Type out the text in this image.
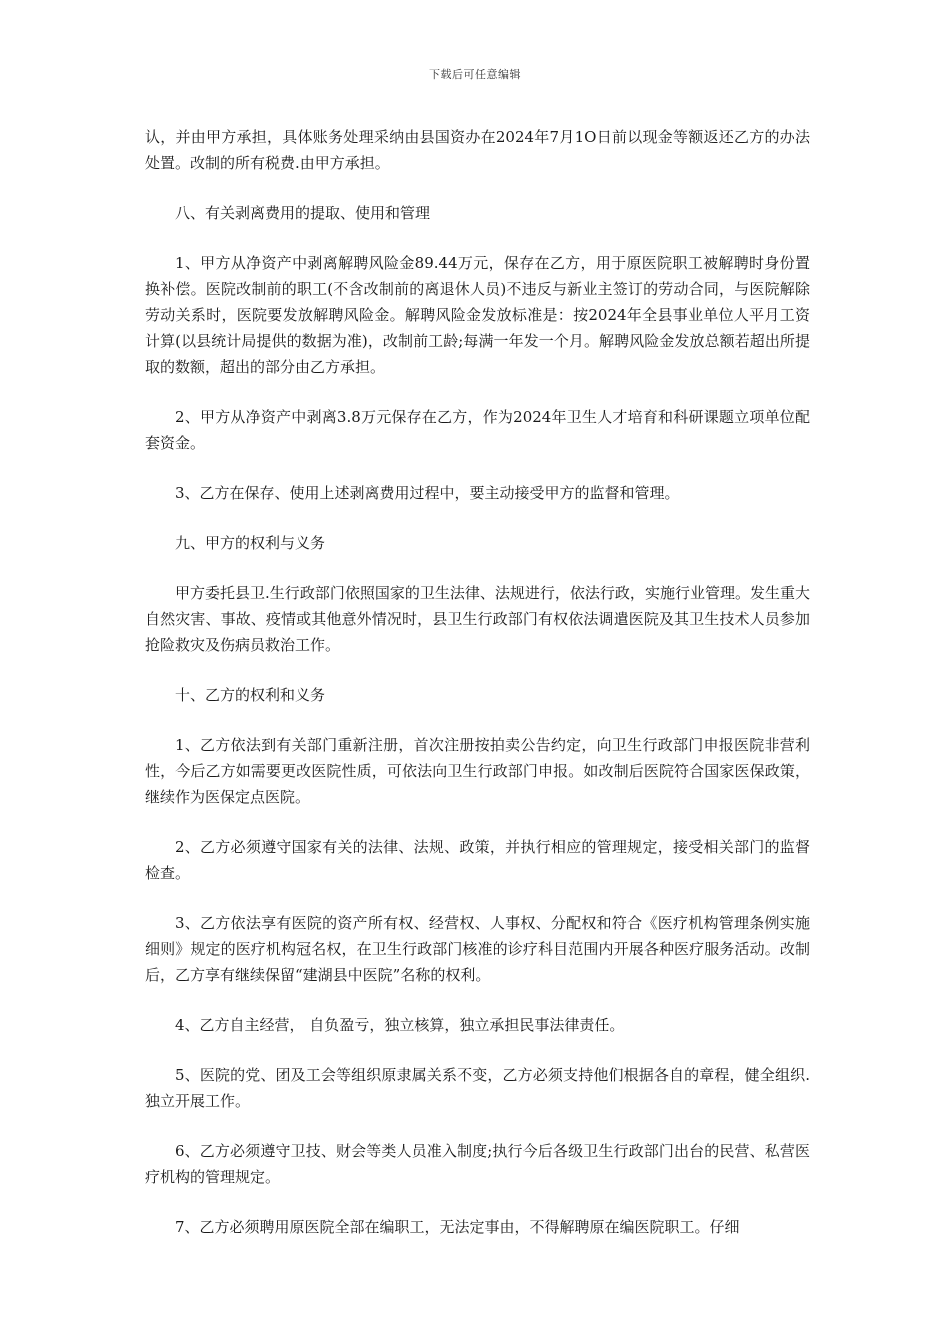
下载后可任意编辑

认，并由甲方承担，具体账务处理采纳由县国资办在2024年7月1O日前以现金等额返还乙方的办法处置。改制的所有税费.由甲方承担。

八、有关剥离费用的提取、使用和管理

1、甲方从净资产中剥离解聘风险金89.44万元，保存在乙方，用于原医院职工被解聘时身份置换补偿。医院改制前的职工(不含改制前的离退休人员)不违反与新业主签订的劳动合同，与医院解除劳动关系时，医院要发放解聘风险金。解聘风险金发放标准是：按2024年全县事业单位人平月工资计算(以县统计局提供的数据为准)，改制前工龄;每满一年发一个月。解聘风险金发放总额若超出所提取的数额，超出的部分由乙方承担。

2、甲方从净资产中剥离3.8万元保存在乙方，作为2024年卫生人才培育和科研课题立项单位配套资金。

3、乙方在保存、使用上述剥离费用过程中，要主动接受甲方的监督和管理。

九、甲方的权利与义务

甲方委托县卫.生行政部门依照国家的卫生法律、法规进行，依法行政，实施行业管理。发生重大自然灾害、事故、疫情或其他意外情况时，县卫生行政部门有权依法调遣医院及其卫生技术人员参加抢险救灾及伤病员救治工作。

十、乙方的权利和义务

1、乙方依法到有关部门重新注册，首次注册按拍卖公告约定，向卫生行政部门申报医院非营利性，今后乙方如需要更改医院性质，可依法向卫生行政部门申报。如改制后医院符合国家医保政策，继续作为医保定点医院。

2、乙方必须遵守国家有关的法律、法规、政策，并执行相应的管理规定，接受相关部门的监督检查。

3、乙方依法享有医院的资产所有权、经营权、人事权、分配权和符合《医疗机构管理条例实施细则》规定的医疗机构冠名权，在卫生行政部门核准的诊疗科目范围内开展各种医疗服务活动。改制后，乙方享有继续保留“建湖县中医院”名称的权利。

4、乙方自主经营， 自负盈亏，独立核算，独立承担民事法律责任。

5、医院的党、团及工会等组织原隶属关系不变，乙方必须支持他们根据各自的章程，健全组织.独立开展工作。

6、乙方必须遵守卫技、财会等类人员准入制度;执行今后各级卫生行政部门出台的民营、私营医疗机构的管理规定。

7、乙方必须聘用原医院全部在编职工，无法定事由，不得解聘原在编医院职工。仔细
